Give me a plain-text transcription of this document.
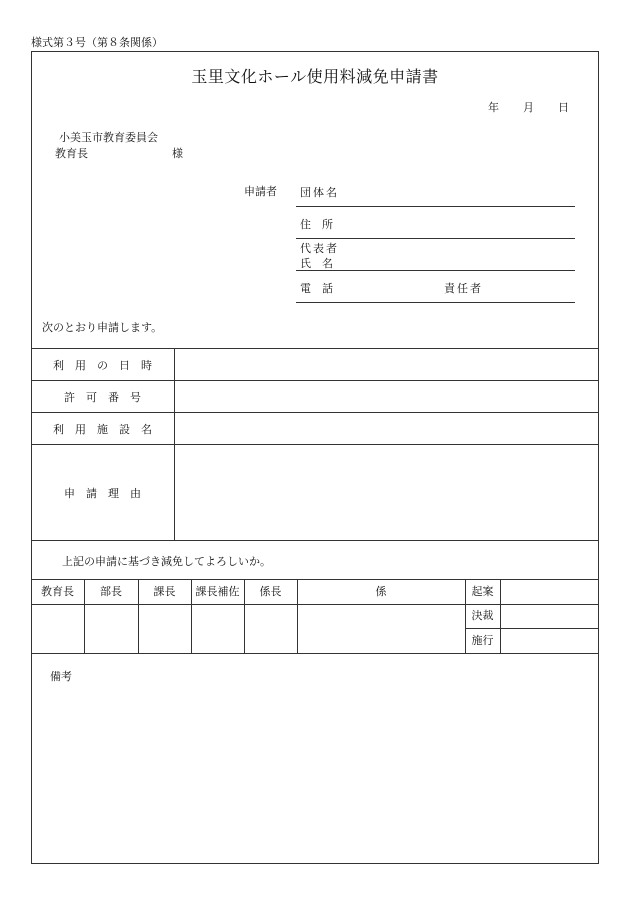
様式第３号（第８条関係）
玉里文化ホール使用料減免申請書
年 月 日
小美玉市教育委員会
教育長	様
申請者 団体名
住　所
代表者
氏　名
電　話	責任者
次のとおり申請します。
利　用　の　日　時
許　可　番　号
利　用　施　設　名
申　請　理　由
上記の申請に基づき減免してよろしいか。
教育長	部長	課長	課長補佐	係長	係	起案
決裁
施行
備考
